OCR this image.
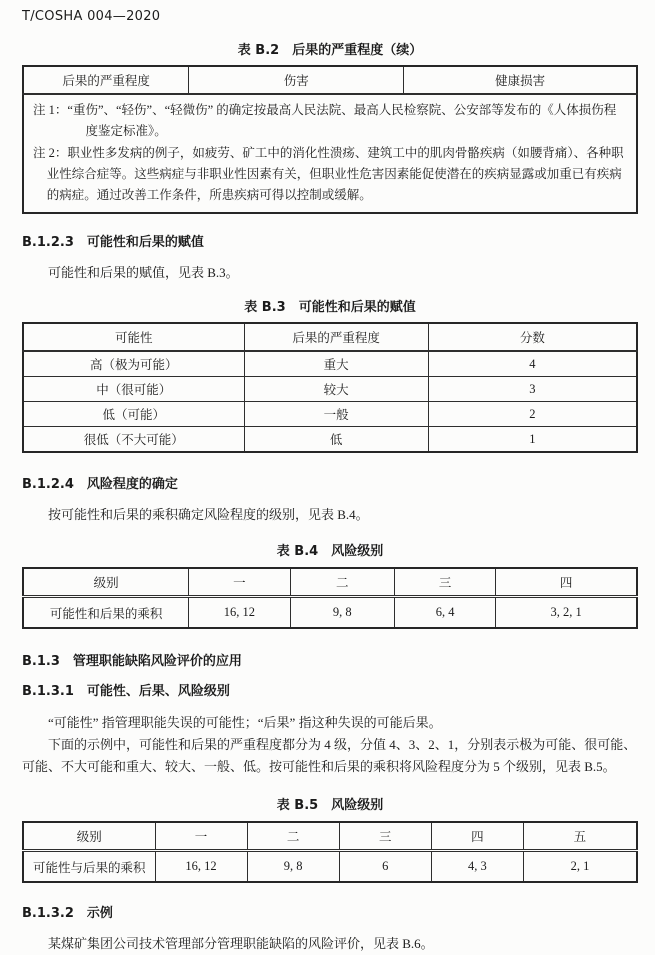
T/COSHA 004—2020
表 B.2　后果的严重程度（续）
后果的严重程度	伤害	健康损害

注 1：“重伤”、“轻伤”、“轻微伤” 的确定按最高人民法院、最高人民检察院、公安部等发布的《人体损伤程度鉴定标准》。
注 2：职业性多发病的例子，如疲劳、矿工中的消化性溃疡、建筑工中的肌肉骨骼疾病（如腰背痛）、各种职业性综合症等。这些病症与非职业性因素有关，但职业性危害因素能促使潜在的疾病显露或加重已有疾病的病症。通过改善工作条件，所患疾病可得以控制或缓解。
B.1.2.3　可能性和后果的赋值

可能性和后果的赋值，见表 B.3。

表 B.3　可能性和后果的赋值
可能性	后果的严重程度	分数
高（极为可能）	重大	4
中（很可能）	较大	3
低（可能）	一般	2
很低（不大可能）	低	1
B.1.2.4　风险程度的确定

按可能性和后果的乘积确定风险程度的级别，见表 B.4。

表 B.4　风险级别
级别	一	二	三	四
可能性和后果的乘积	16, 12	9, 8	6, 4	3, 2, 1
B.1.3　管理职能缺陷风险评价的应用
B.1.3.1　可能性、后果、风险级别

“可能性” 指管理职能失误的可能性；“后果” 指这种失误的可能后果。

下面的示例中，可能性和后果的严重程度都分为 4 级，分值 4、3、2、1，分别表示极为可能、很可能、可能、不大可能和重大、较大、一般、低。按可能性和后果的乘积将风险程度分为 5 个级别，见表 B.5。

表 B.5　风险级别
级别	一	二	三	四	五
可能性与后果的乘积	16, 12	9, 8	6	4, 3	2, 1
B.1.3.2　示例

某煤矿集团公司技术管理部分管理职能缺陷的风险评价，见表 B.6。
